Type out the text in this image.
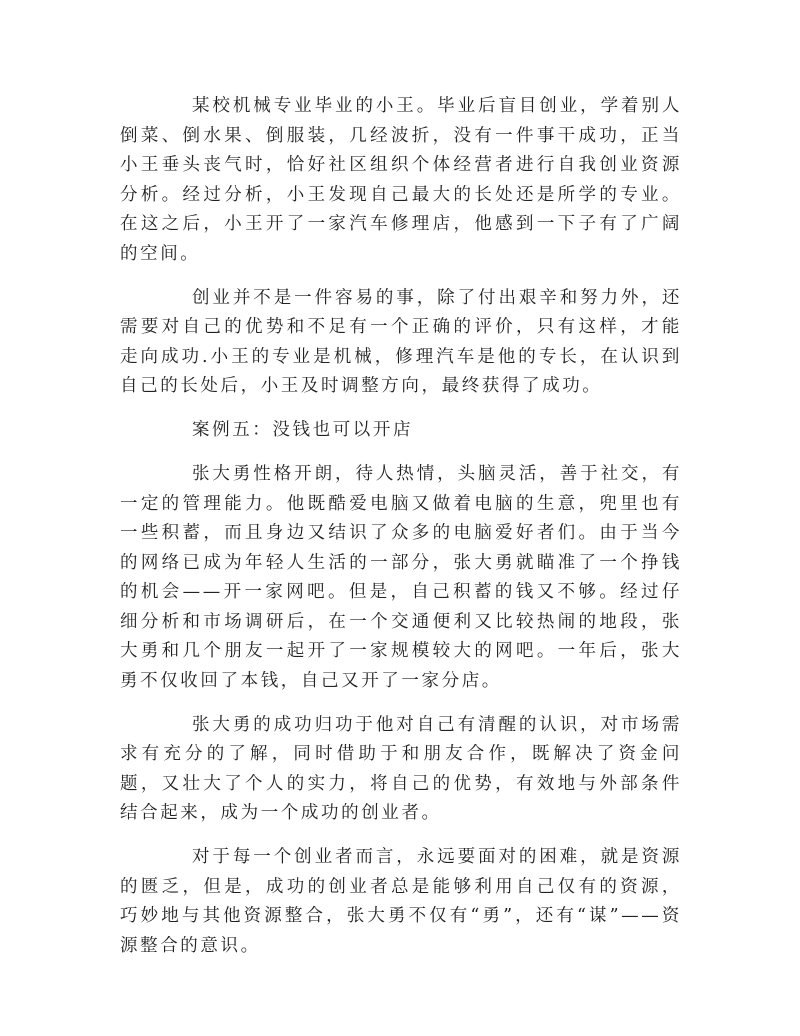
某校机械专业毕业的小王。毕业后盲目创业，学着别人倒菜、倒水果、倒服装，几经波折，没有一件事干成功，正当小王垂头丧气时，恰好社区组织个体经营者进行自我创业资源分析。经过分析，小王发现自己最大的长处还是所学的专业。在这之后，小王开了一家汽车修理店，他感到一下子有了广阔的空间。

创业并不是一件容易的事，除了付出艰辛和努力外，还需要对自己的优势和不足有一个正确的评价，只有这样，才能走向成功.小王的专业是机械，修理汽车是他的专长，在认识到自己的长处后，小王及时调整方向，最终获得了成功。

案例五：没钱也可以开店

张大勇性格开朗，待人热情，头脑灵活，善于社交，有一定的管理能力。他既酷爱电脑又做着电脑的生意，兜里也有一些积蓄，而且身边又结识了众多的电脑爱好者们。由于当今的网络已成为年轻人生活的一部分，张大勇就瞄准了一个挣钱的机会——开一家网吧。但是，自己积蓄的钱又不够。经过仔细分析和市场调研后，在一个交通便利又比较热闹的地段，张大勇和几个朋友一起开了一家规模较大的网吧。一年后，张大勇不仅收回了本钱，自己又开了一家分店。

张大勇的成功归功于他对自己有清醒的认识，对市场需求有充分的了解，同时借助于和朋友合作，既解决了资金问题，又壮大了个人的实力，将自己的优势，有效地与外部条件结合起来，成为一个成功的创业者。

对于每一个创业者而言，永远要面对的困难，就是资源的匮乏，但是，成功的创业者总是能够利用自己仅有的资源，巧妙地与其他资源整合，张大勇不仅有“勇”，还有“谋”——资源整合的意识。
